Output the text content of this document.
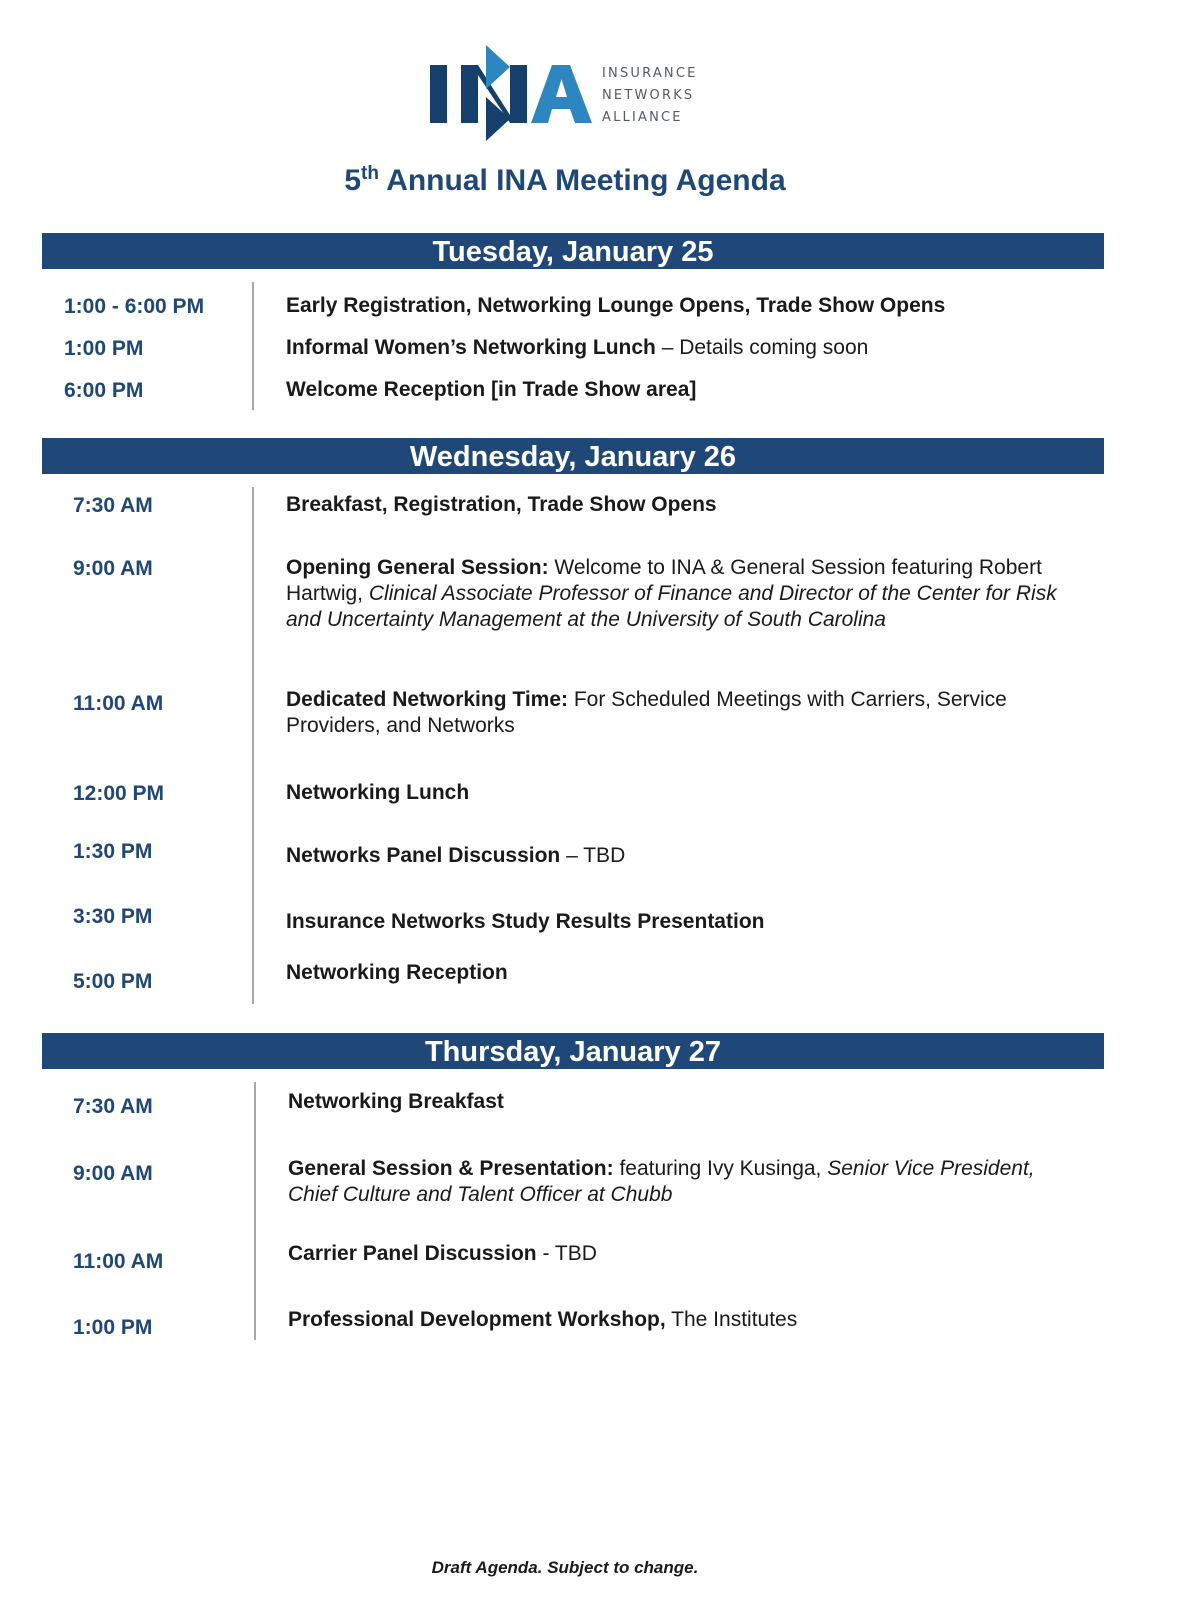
INSURANCE
NETWORKS
ALLIANCE
5th Annual INA Meeting Agenda
Tuesday, January 25
1:00 - 6:00 PM	Early Registration, Networking Lounge Opens, Trade Show Opens
1:00 PM	Informal Women’s Networking Lunch – Details coming soon
6:00 PM	Welcome Reception [in Trade Show area]
Wednesday, January 26
7:30 AM	Breakfast, Registration, Trade Show Opens
9:00 AM	Opening General Session: Welcome to INA & General Session featuring Robert Hartwig, Clinical Associate Professor of Finance and Director of the Center for Risk and Uncertainty Management at the University of South Carolina
11:00 AM	Dedicated Networking Time: For Scheduled Meetings with Carriers, Service Providers, and Networks
12:00 PM	Networking Lunch
1:30 PM	Networks Panel Discussion – TBD
3:30 PM	Insurance Networks Study Results Presentation
5:00 PM	Networking Reception
Thursday, January 27
7:30 AM	Networking Breakfast
9:00 AM	General Session & Presentation: featuring Ivy Kusinga, Senior Vice President, Chief Culture and Talent Officer at Chubb
11:00 AM	Carrier Panel Discussion - TBD
1:00 PM	Professional Development Workshop, The Institutes
Draft Agenda. Subject to change.
